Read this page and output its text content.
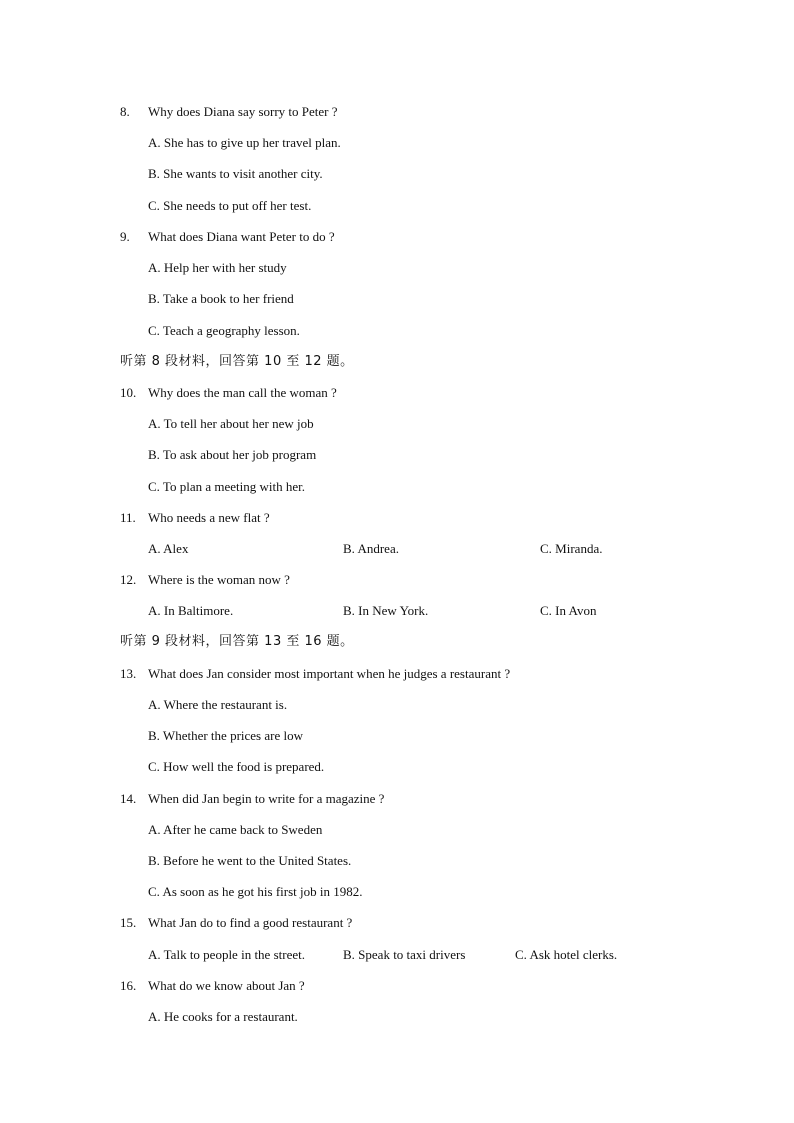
8. Why does Diana say sorry to Peter ?
A. She has to give up her travel plan.
B. She wants to visit another city.
C. She needs to put off her test.
9. What does Diana want Peter to do ?
A. Help her with her study
B. Take a book to her friend
C. Teach a geography lesson.
听第 8 段材料，回答第 10 至 12 题。
10. Why does the man call the woman ?
A. To tell her about her new job
B. To ask about her job program
C. To plan a meeting with her.
11. Who needs a new flat ?
A. Alex	B. Andrea.	C. Miranda.
12. Where is the woman now ?
A. In Baltimore.	B. In New York.	C. In Avon
听第 9 段材料，回答第 13 至 16 题。
13. What does Jan consider most important when he judges a restaurant ?
A. Where the restaurant is.
B. Whether the prices are low
C. How well the food is prepared.
14. When did Jan begin to write for a magazine ?
A. After he came back to Sweden
B. Before he went to the United States.
C. As soon as he got his first job in 1982.
15. What Jan do to find a good restaurant ?
A. Talk to people in the street.	B. Speak to taxi drivers	C. Ask hotel clerks.
16. What do we know about Jan ?
A. He cooks for a restaurant.
